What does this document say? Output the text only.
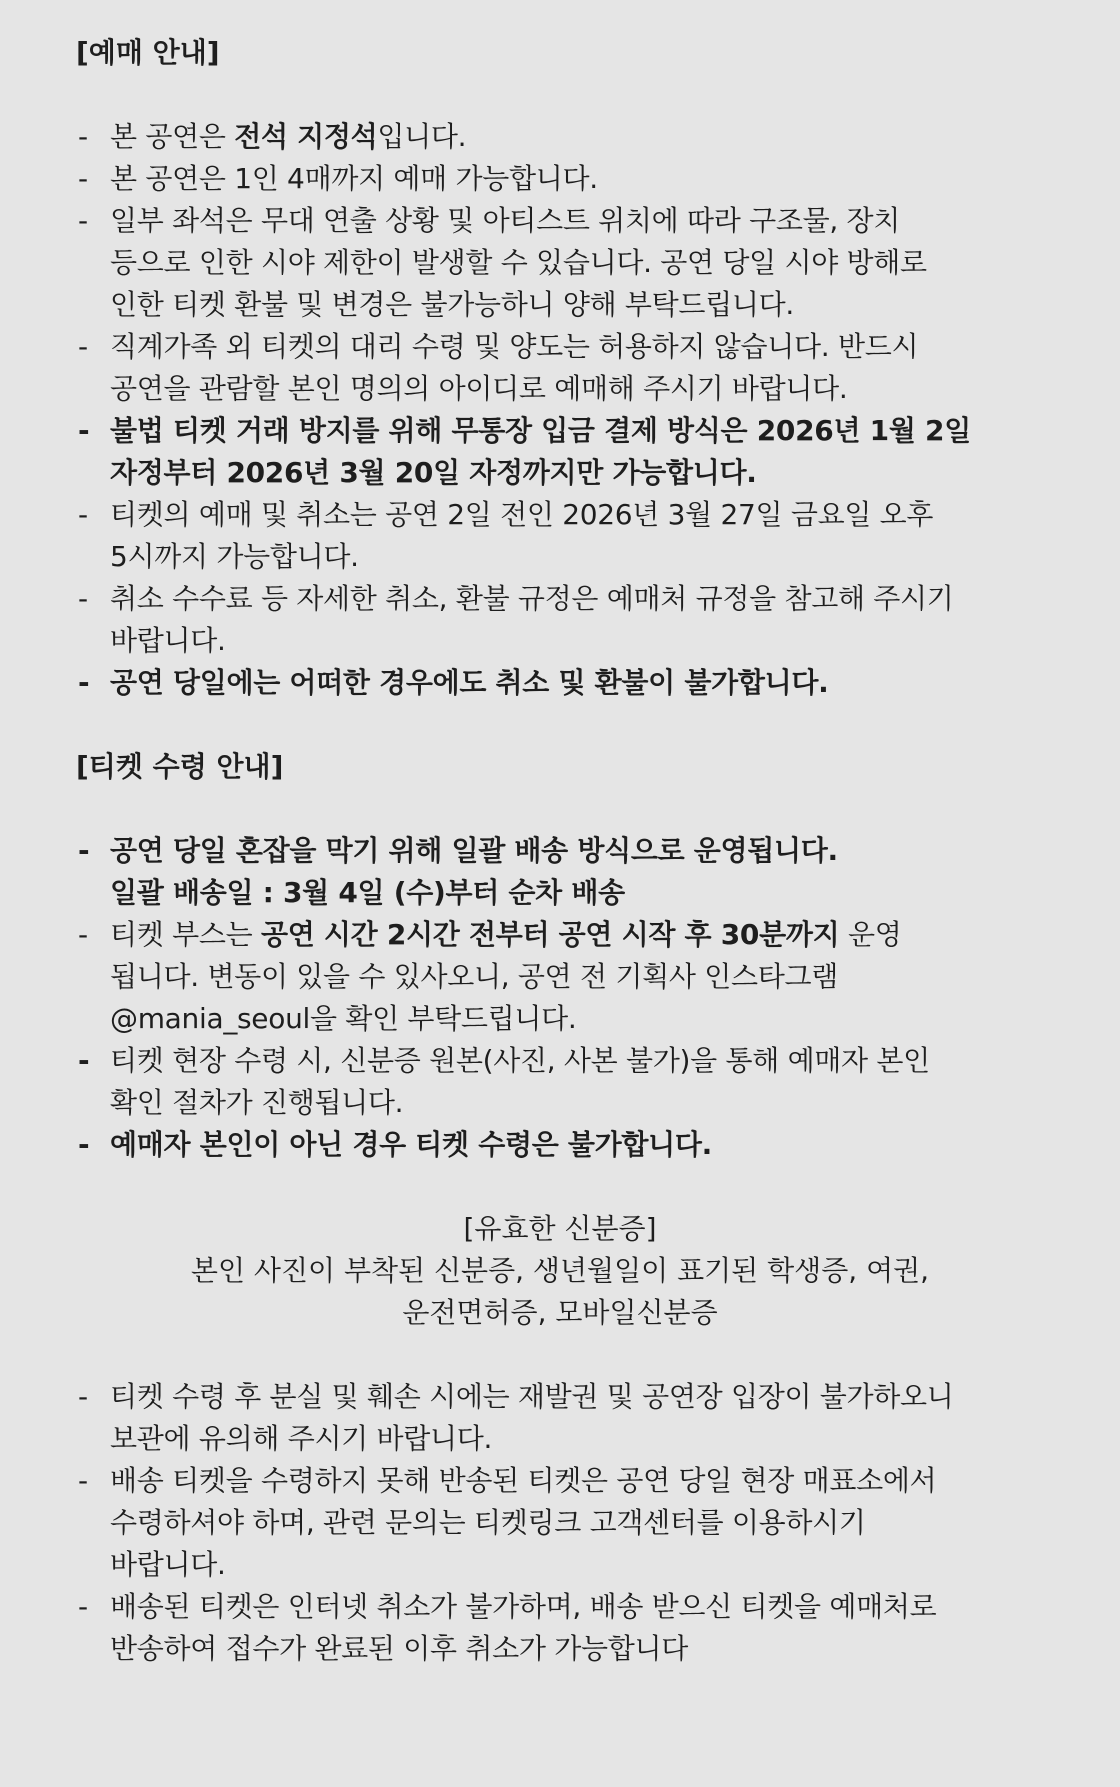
[예매 안내]
- 본 공연은 전석 지정석입니다.
- 본 공연은 1인 4매까지 예매 가능합니다.
- 일부 좌석은 무대 연출 상황 및 아티스트 위치에 따라 구조물, 장치
등으로 인한 시야 제한이 발생할 수 있습니다. 공연 당일 시야 방해로
인한 티켓 환불 및 변경은 불가능하니 양해 부탁드립니다.
- 직계가족 외 티켓의 대리 수령 및 양도는 허용하지 않습니다. 반드시
공연을 관람할 본인 명의의 아이디로 예매해 주시기 바랍니다.
- 불법 티켓 거래 방지를 위해 무통장 입금 결제 방식은 2026년 1월 2일
자정부터 2026년 3월 20일 자정까지만 가능합니다.
- 티켓의 예매 및 취소는 공연 2일 전인 2026년 3월 27일 금요일 오후
5시까지 가능합니다.
- 취소 수수료 등 자세한 취소, 환불 규정은 예매처 규정을 참고해 주시기
바랍니다.
- 공연 당일에는 어떠한 경우에도 취소 및 환불이 불가합니다.
[티켓 수령 안내]
- 공연 당일 혼잡을 막기 위해 일괄 배송 방식으로 운영됩니다.
일괄 배송일 : 3월 4일 (수)부터 순차 배송
- 티켓 부스는 공연 시간 2시간 전부터 공연 시작 후 30분까지 운영
됩니다. 변동이 있을 수 있사오니, 공연 전 기획사 인스타그램
@mania_seoul을 확인 부탁드립니다.
- 티켓 현장 수령 시, 신분증 원본(사진, 사본 불가)을 통해 예매자 본인
확인 절차가 진행됩니다.
- 예매자 본인이 아닌 경우 티켓 수령은 불가합니다.
[유효한 신분증]
본인 사진이 부착된 신분증, 생년월일이 표기된 학생증, 여권,
운전면허증, 모바일신분증
- 티켓 수령 후 분실 및 훼손 시에는 재발권 및 공연장 입장이 불가하오니
보관에 유의해 주시기 바랍니다.
- 배송 티켓을 수령하지 못해 반송된 티켓은 공연 당일 현장 매표소에서
수령하셔야 하며, 관련 문의는 티켓링크 고객센터를 이용하시기
바랍니다.
- 배송된 티켓은 인터넷 취소가 불가하며, 배송 받으신 티켓을 예매처로
반송하여 접수가 완료된 이후 취소가 가능합니다
